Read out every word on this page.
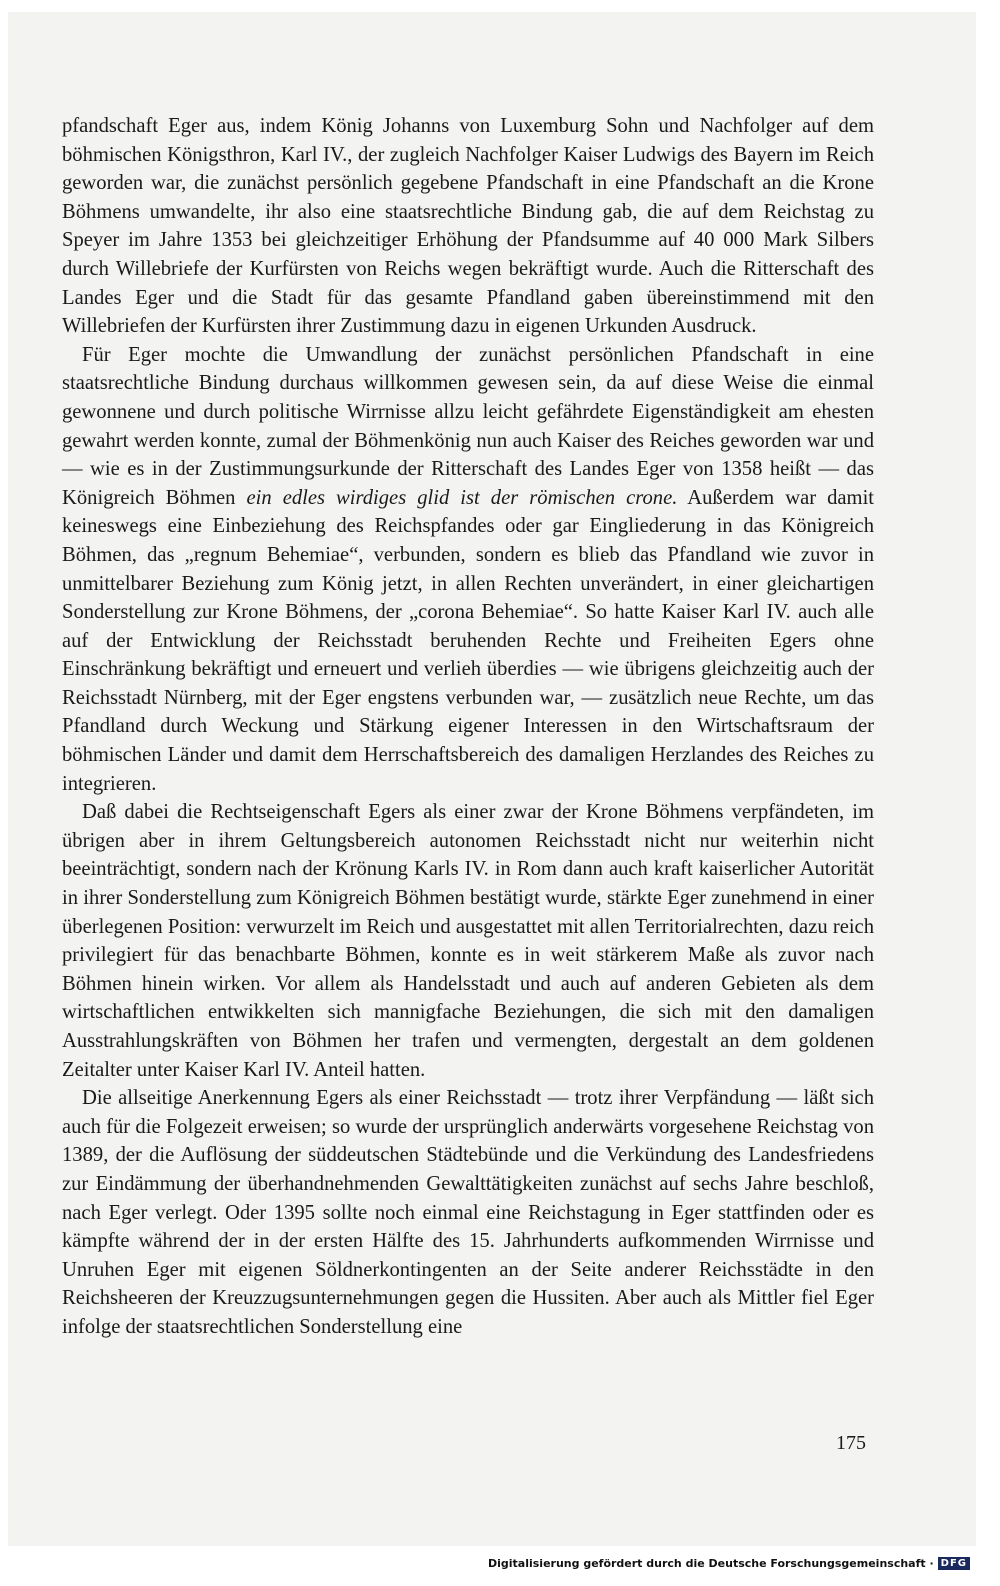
pfandschaft Eger aus, indem König Johanns von Luxemburg Sohn und Nachfolger auf dem böhmischen Königsthron, Karl IV., der zugleich Nachfolger Kaiser Ludwigs des Bayern im Reich geworden war, die zunächst persönlich gegebene Pfandschaft in eine Pfandschaft an die Krone Böhmens umwandelte, ihr also eine staatsrechtliche Bindung gab, die auf dem Reichstag zu Speyer im Jahre 1353 bei gleichzeitiger Erhöhung der Pfandsumme auf 40 000 Mark Silbers durch Willebriefe der Kurfürsten von Reichs wegen bekräftigt wurde. Auch die Ritterschaft des Landes Eger und die Stadt für das gesamte Pfandland gaben übereinstimmend mit den Willebriefen der Kurfürsten ihrer Zustimmung dazu in eigenen Urkunden Ausdruck.

Für Eger mochte die Umwandlung der zunächst persönlichen Pfandschaft in eine staatsrechtliche Bindung durchaus willkommen gewesen sein, da auf diese Weise die einmal gewonnene und durch politische Wirrnisse allzu leicht gefährdete Eigenständigkeit am ehesten gewahrt werden konnte, zumal der Böhmenkönig nun auch Kaiser des Reiches geworden war und — wie es in der Zustimmungsurkunde der Ritterschaft des Landes Eger von 1358 heißt — das Königreich Böhmen ein edles wirdiges glid ist der römischen crone. Außerdem war damit keineswegs eine Einbeziehung des Reichspfandes oder gar Eingliederung in das Königreich Böhmen, das „regnum Behemiae“, verbunden, sondern es blieb das Pfandland wie zuvor in unmittelbarer Beziehung zum König jetzt, in allen Rechten unverändert, in einer gleichartigen Sonderstellung zur Krone Böhmens, der „corona Behemiae“. So hatte Kaiser Karl IV. auch alle auf der Entwicklung der Reichsstadt beruhenden Rechte und Freiheiten Egers ohne Einschränkung bekräftigt und erneuert und verlieh überdies — wie übrigens gleichzeitig auch der Reichsstadt Nürnberg, mit der Eger engstens verbunden war, — zusätzlich neue Rechte, um das Pfandland durch Weckung und Stärkung eigener Interessen in den Wirtschaftsraum der böhmischen Länder und damit dem Herrschaftsbereich des damaligen Herzlandes des Reiches zu integrieren.

Daß dabei die Rechtseigenschaft Egers als einer zwar der Krone Böhmens verpfändeten, im übrigen aber in ihrem Geltungsbereich autonomen Reichsstadt nicht nur weiterhin nicht beeinträchtigt, sondern nach der Krönung Karls IV. in Rom dann auch kraft kaiserlicher Autorität in ihrer Sonderstellung zum Königreich Böhmen bestätigt wurde, stärkte Eger zunehmend in einer überlegenen Position: verwurzelt im Reich und ausgestattet mit allen Territorialrechten, dazu reich privilegiert für das benachbarte Böhmen, konnte es in weit stärkerem Maße als zuvor nach Böhmen hinein wirken. Vor allem als Handelsstadt und auch auf anderen Gebieten als dem wirtschaftlichen entwikkelten sich mannigfache Beziehungen, die sich mit den damaligen Ausstrahlungskräften von Böhmen her trafen und vermengten, dergestalt an dem goldenen Zeitalter unter Kaiser Karl IV. Anteil hatten.

Die allseitige Anerkennung Egers als einer Reichsstadt — trotz ihrer Verpfändung — läßt sich auch für die Folgezeit erweisen; so wurde der ursprünglich anderwärts vorgesehene Reichstag von 1389, der die Auflösung der süddeutschen Städtebünde und die Verkündung des Landesfriedens zur Eindämmung der überhandnehmenden Gewalttätigkeiten zunächst auf sechs Jahre beschloß, nach Eger verlegt. Oder 1395 sollte noch einmal eine Reichstagung in Eger stattfinden oder es kämpfte während der in der ersten Hälfte des 15. Jahrhunderts aufkommenden Wirrnisse und Unruhen Eger mit eigenen Söldnerkontingenten an der Seite anderer Reichsstädte in den Reichsheeren der Kreuzzugsunternehmungen gegen die Hussiten. Aber auch als Mittler fiel Eger infolge der staatsrechtlichen Sonderstellung eine

175
Digitalisierung gefördert durch die Deutsche Forschungsgemeinschaft · DFG
